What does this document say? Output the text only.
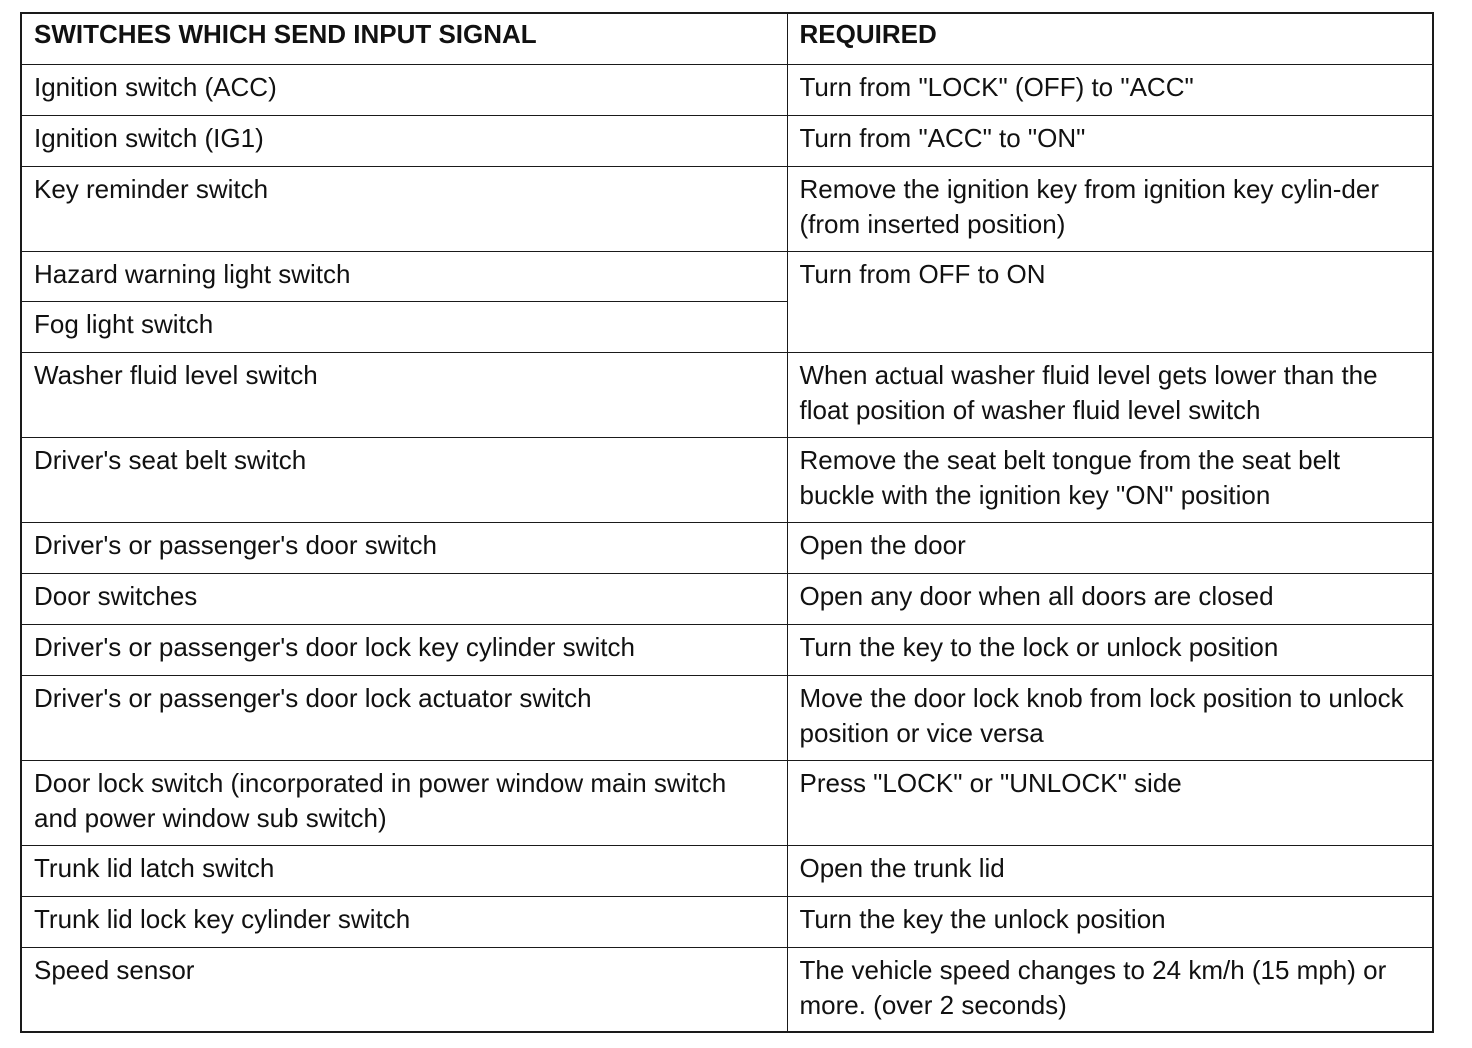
SWITCHES WHICH SEND INPUT SIGNAL	REQUIRED
Ignition switch (ACC)	Turn from "LOCK" (OFF) to "ACC"
Ignition switch (IG1)	Turn from "ACC" to "ON"
Key reminder switch	Remove the ignition key from ignition key cylin-der (from inserted position)
Hazard warning light switch	Turn from OFF to ON
Fog light switch	
Washer fluid level switch	When actual washer fluid level gets lower than the float position of washer fluid level switch
Driver's seat belt switch	Remove the seat belt tongue from the seat belt buckle with the ignition key "ON" position
Driver's or passenger's door switch	Open the door
Door switches	Open any door when all doors are closed
Driver's or passenger's door lock key cylinder switch	Turn the key to the lock or unlock position
Driver's or passenger's door lock actuator switch	Move the door lock knob from lock position to unlock position or vice versa
Door lock switch (incorporated in power window main switch and power window sub switch)	Press "LOCK" or "UNLOCK" side
Trunk lid latch switch	Open the trunk lid
Trunk lid lock key cylinder switch	Turn the key the unlock position
Speed sensor	The vehicle speed changes to 24 km/h (15 mph) or more. (over 2 seconds)
